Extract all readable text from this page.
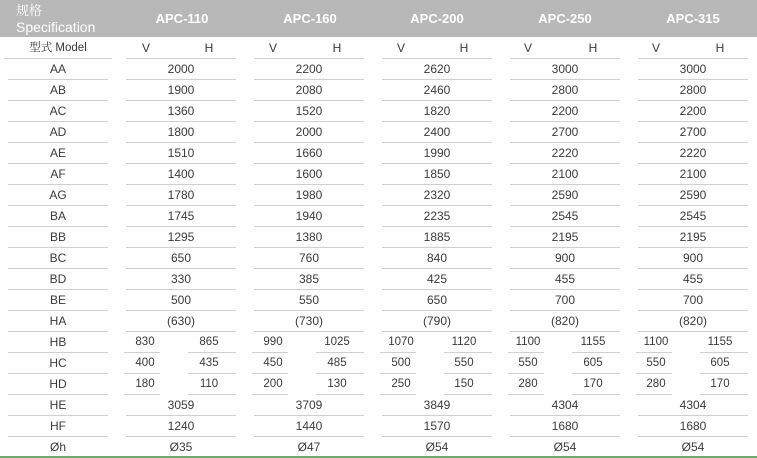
规格
Specification
APC-110	APC-160	APC-200	APC-250	APC-315
型式 Model	V	H	V	H	V	H	V	H	V	H
AA	2000	2200	2620	3000	3000
AB	1900	2080	2460	2800	2800
AC	1360	1520	1820	2200	2200
AD	1800	2000	2400	2700	2700
AE	1510	1660	1990	2220	2220
AF	1400	1600	1850	2100	2100
AG	1780	1980	2320	2590	2590
BA	1745	1940	2235	2545	2545
BB	1295	1380	1885	2195	2195
BC	650	760	840	900	900
BD	330	385	425	455	455
BE	500	550	650	700	700
HA	(630)	(730)	(790)	(820)	(820)
HB	830	865	990	1025	1070	1120	1100	1155	1100	1155
HC	400	435	450	485	500	550	550	605	550	605
HD	180	110	200	130	250	150	280	170	280	170
HE	3059	3709	3849	4304	4304
HF	1240	1440	1570	1680	1680
Øh	Ø35	Ø47	Ø54	Ø54	Ø54
